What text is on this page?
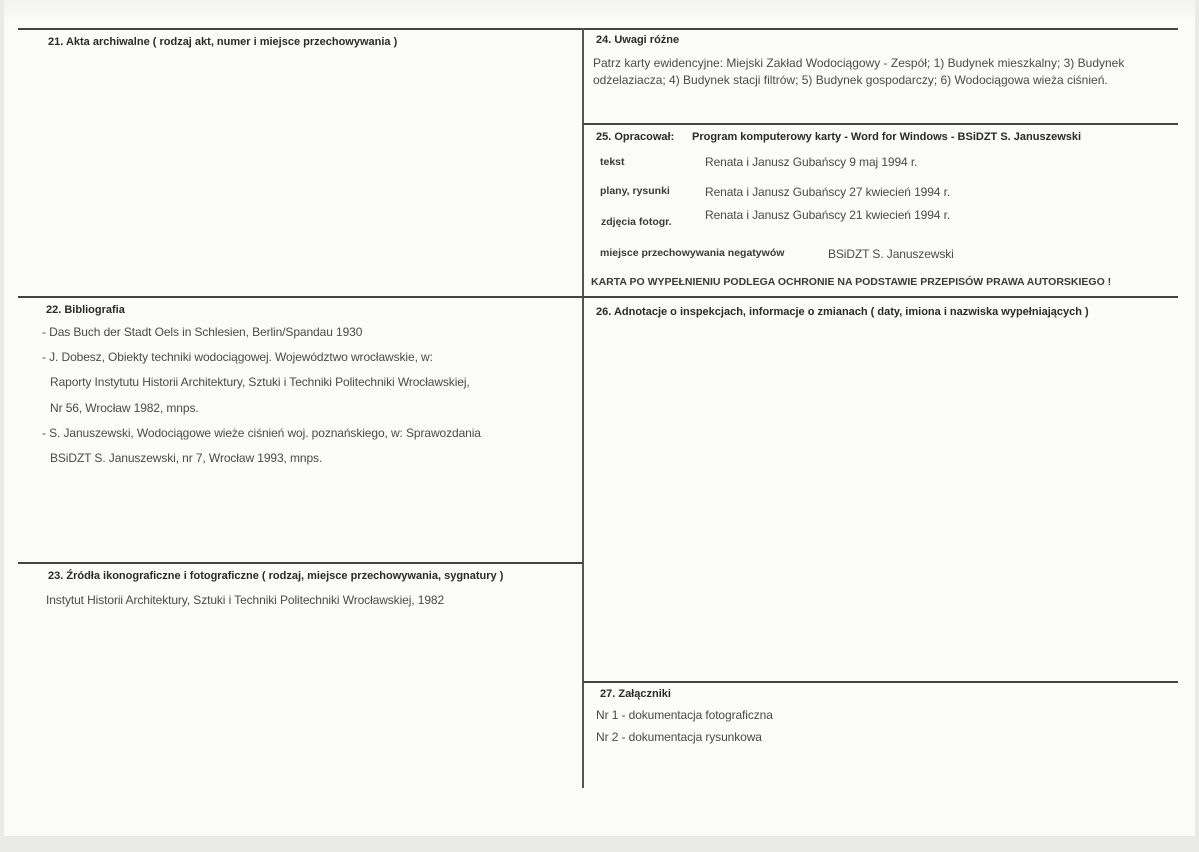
21. Akta archiwalne ( rodzaj akt, numer i miejsce przechowywania )
22. Bibliografia
- Das Buch der Stadt Oels in Schlesien, Berlin/Spandau 1930
- J. Dobesz, Obiekty techniki wodociągowej. Województwo wrocławskie, w:
Raporty Instytutu Historii Architektury, Sztuki i Techniki Politechniki Wrocławskiej,
Nr 56, Wrocław 1982, mnps.
- S. Januszewski, Wodociągowe wieże ciśnień woj. poznańskiego, w: Sprawozdania
BSiDZT S. Januszewski, nr 7, Wrocław 1993, mnps.
23. Źródła ikonograficzne i fotograficzne ( rodzaj, miejsce przechowywania, sygnatury )
Instytut Historii Architektury, Sztuki i Techniki Politechniki Wrocławskiej, 1982
24. Uwagi różne
Patrz karty ewidencyjne: Miejski Zakład Wodociągowy - Zespół; 1) Budynek mieszkalny; 3) Budynek odżelaziacza; 4) Budynek stacji filtrów; 5) Budynek gospodarczy; 6) Wodociągowa wieża ciśnień.
25. Opracował: Program komputerowy karty - Word for Windows - BSiDZT S. Januszewski
tekst	Renata i Janusz Gubańscy 9 maj 1994 r.
plany, rysunki	Renata i Janusz Gubańscy 27 kwiecień 1994 r.
zdjęcia fotogr.	Renata i Janusz Gubańscy 21 kwiecień 1994 r.
miejsce przechowywania negatywów	BSiDZT S. Januszewski
KARTA PO WYPEŁNIENIU PODLEGA OCHRONIE NA PODSTAWIE PRZEPISÓW PRAWA AUTORSKIEGO !
26. Adnotacje o inspekcjach, informacje o zmianach ( daty, imiona i nazwiska wypełniających )
27. Załączniki
Nr 1 - dokumentacja fotograficzna
Nr 2 - dokumentacja rysunkowa
